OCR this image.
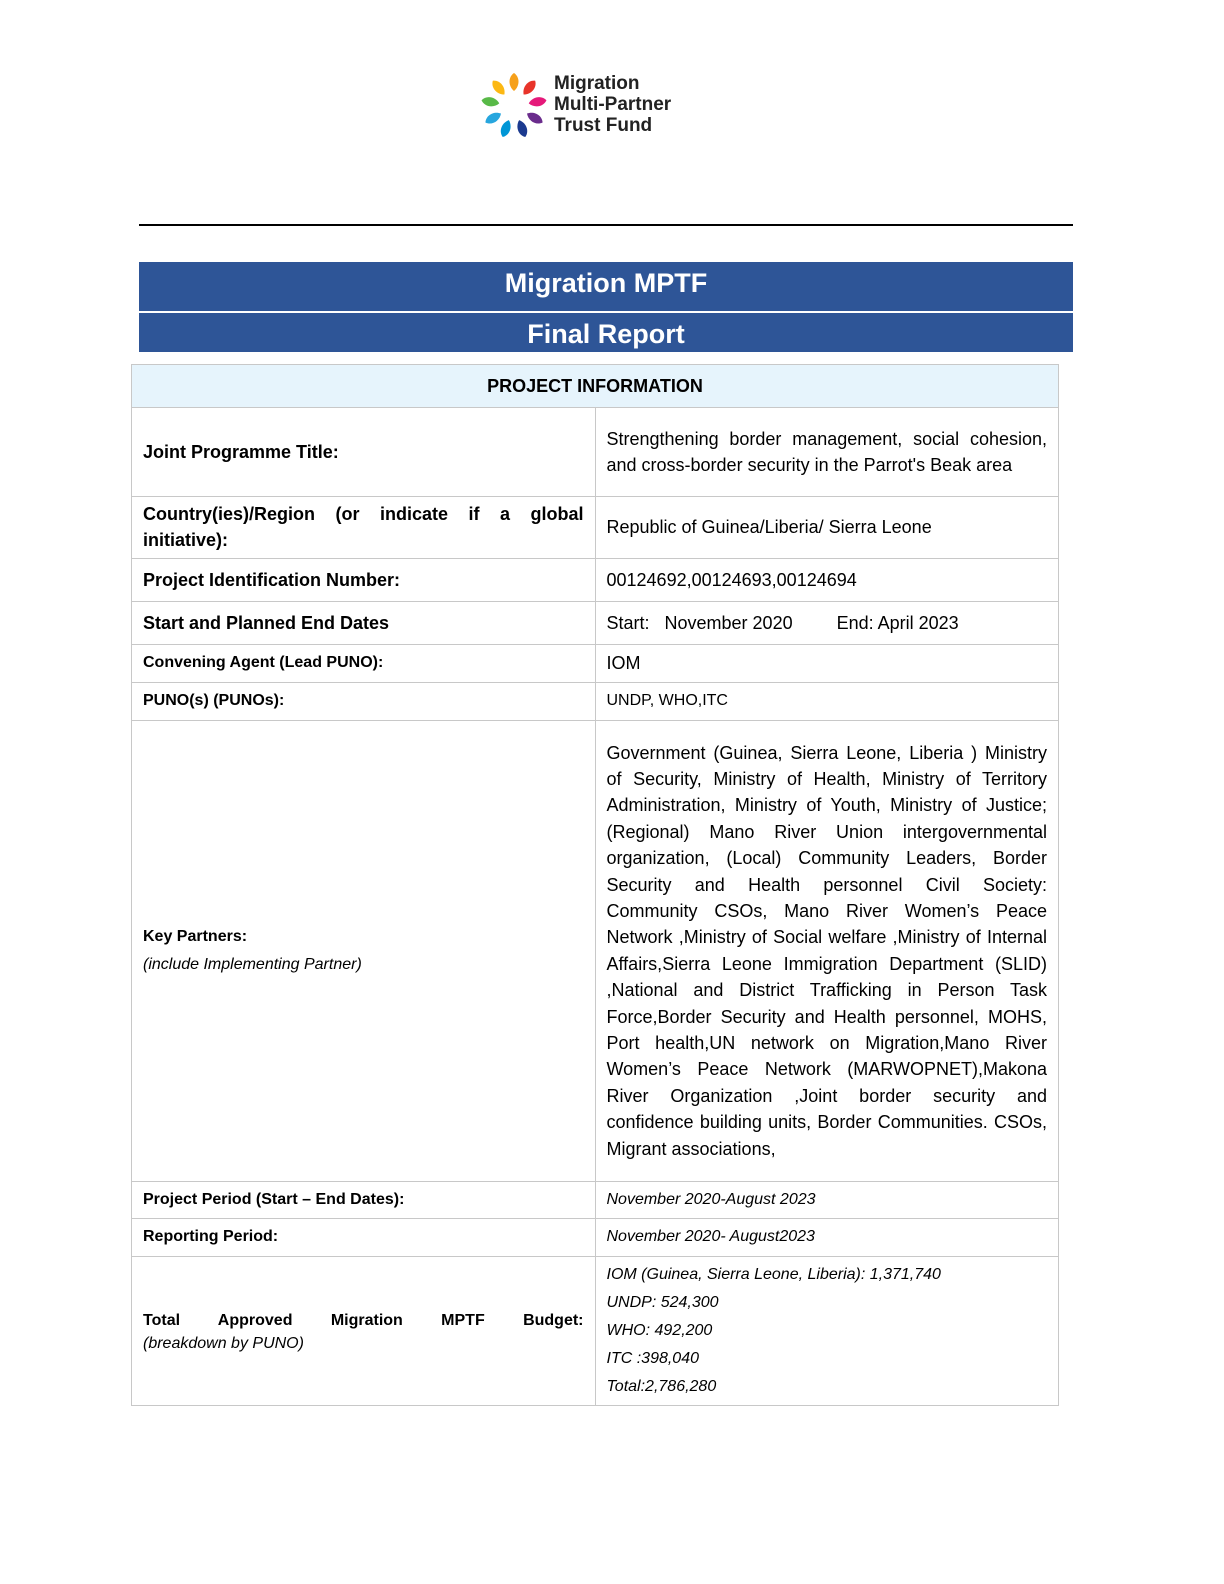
Migration
Multi-Partner
Trust Fund
Migration MPTF
Final Report
PROJECT INFORMATION	
Joint Programme Title:	Strengthening border management, social cohesion, and cross-border security in the Parrot's Beak area
Country(ies)/Region (or indicate if a global initiative):	Republic of Guinea/Liberia/ Sierra Leone
Project Identification Number:	00124692,00124693,00124694
Start and Planned End Dates	Start:   November 2020 End: April 2023
Convening Agent (Lead PUNO):	IOM
PUNO(s) (PUNOs):	UNDP, WHO,ITC
Key Partners:
(include Implementing Partner)	Government (Guinea, Sierra Leone, Liberia ) Ministry of Security, Ministry of Health, Ministry of Territory Administration, Ministry of Youth, Ministry of Justice; (Regional) Mano River Union intergovernmental organization, (Local) Community Leaders, Border Security and Health personnel Civil Society: Community CSOs, Mano River Women’s Peace Network ,Ministry of Social welfare ,Ministry of Internal Affairs,Sierra Leone Immigration Department (SLID) ,National and District Trafficking in Person Task Force,Border Security and Health personnel, MOHS, Port health,UN network on Migration,Mano River Women’s Peace Network (MARWOPNET),Makona River Organization ,Joint border security and confidence building units, Border Communities. CSOs, Migrant associations,
Project Period (Start – End Dates):	November 2020-August 2023
Reporting Period:	November 2020- August2023

Total Approved Migration MPTF Budget:
(breakdown by PUNO)	IOM (Guinea, Sierra Leone, Liberia): 1,371,740
UNDP: 524,300
WHO: 492,200
ITC :398,040
Total:2,786,280
